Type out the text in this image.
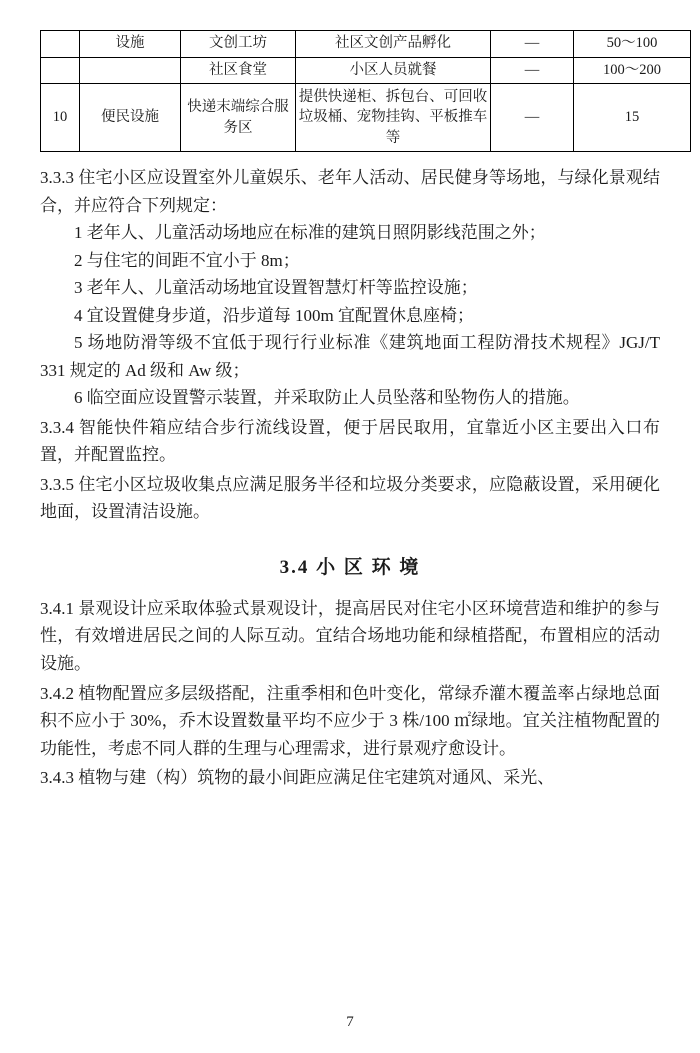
	设施	文创工坊	社区文创产品孵化	—	50～100
		社区食堂	小区人员就餐	—	100～200
10	便民设施	快递末端综合服务区	提供快递柜、拆包台、可回收垃圾桶、宠物挂钩、平板推车等	—	15

3.3.3 住宅小区应设置室外儿童娱乐、老年人活动、居民健身等场地，与绿化景观结合，并应符合下列规定：

1 老年人、儿童活动场地应在标准的建筑日照阴影线范围之外；

2 与住宅的间距不宜小于 8m；

3 老年人、儿童活动场地宜设置智慧灯杆等监控设施；

4 宜设置健身步道，沿步道每 100m 宜配置休息座椅；

5 场地防滑等级不宜低于现行行业标准《建筑地面工程防滑技术规程》JGJ/T 331 规定的 Ad 级和 Aw 级；

6 临空面应设置警示装置，并采取防止人员坠落和坠物伤人的措施。

3.3.4 智能快件箱应结合步行流线设置，便于居民取用，宜靠近小区主要出入口布置，并配置监控。

3.3.5 住宅小区垃圾收集点应满足服务半径和垃圾分类要求，应隐蔽设置，采用硬化地面，设置清洁设施。

3.4 小 区 环 境

3.4.1 景观设计应采取体验式景观设计，提高居民对住宅小区环境营造和维护的参与性，有效增进居民之间的人际互动。宜结合场地功能和绿植搭配，布置相应的活动设施。

3.4.2 植物配置应多层级搭配，注重季相和色叶变化，常绿乔灌木覆盖率占绿地总面积不应小于 30%，乔木设置数量平均不应少于 3 株/100 ㎡绿地。宜关注植物配置的功能性，考虑不同人群的生理与心理需求，进行景观疗愈设计。

3.4.3 植物与建（构）筑物的最小间距应满足住宅建筑对通风、采光、

7
